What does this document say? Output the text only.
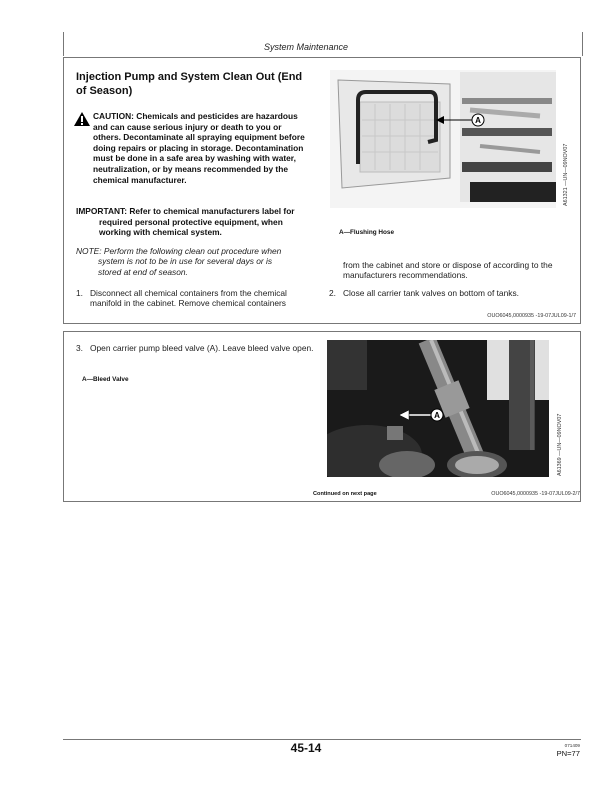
System Maintenance
Injection Pump and System Clean Out (End of Season)
CAUTION: Chemicals and pesticides are hazardous and can cause serious injury or death to you or others. Decontaminate all spraying equipment before doing repairs or placing in storage. Decontamination must be done in a safe area by washing with water, neutralization, or by means recommended by the chemical manufacturer.
IMPORTANT: Refer to chemical manufacturers label for required personal protective equipment, when working with chemical system.
NOTE: Perform the following clean out procedure when system is not to be in use for several days or is stored at end of season.
1. Disconnect all chemical containers from the chemical manifold in the cabinet. Remove chemical containers
A
A61321 —UN—09NOV07
A—Flushing Hose
from the cabinet and store or dispose of according to the manufacturers recommendations.
2. Close all carrier tank valves on bottom of tanks.
OUO6045,0000935 -19-07JUL09-1/7
3. Open carrier pump bleed valve (A). Leave bleed valve open.
A—Bleed Valve
A	A61369 —UN—09NOV07
Continued on next page	OUO6045,0000935 -19-07JUL09-2/7
45-14	071409
PN=77
